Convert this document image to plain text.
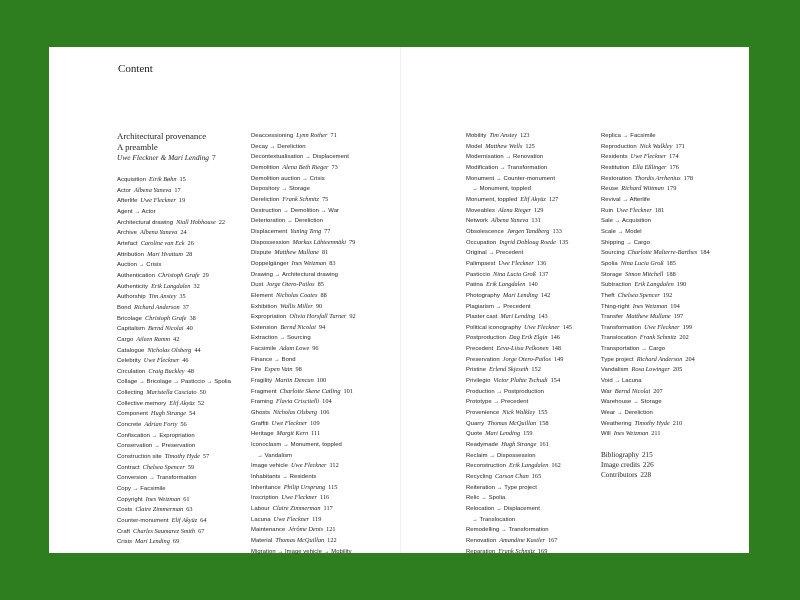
Content
Architectural provenance
A preamble
Uwe Fleckner & Mari Lending 7
Acquisition Eirik Bøhn 15
Actor Albena Yaneva 17
Afterlife Uwe Fleckner 19
Agent → Actor
Architectural drawing Niall Hobhouse 22
Archive Albena Yaneva 24
Artefact Caroline van Eck 26
Attribution Mari Hvattum 28
Auction → Crisis
Authentication Christoph Grafe 29
Authenticity Erik Langdalen 32
Authorship Tim Anstey 35
Bond Richard Anderson 37
Bricolage Christoph Grafe 38
Capitalism Bernd Nicolai 40
Cargo Aileen Ramm 42
Catalogue Nicholas Olsberg 44
Celebrity Uwe Fleckner 46
Circulation Craig Buckley 48
Collage → Bricolage → Pasticcio → Spolia
Collecting Maristella Casciato 50
Collective memory Elif Akyüz 52
Component Hugh Strange 54
Concrete Adrian Forty 56
Confiscation → Expropriation
Conservation → Preservation
Construction site Timothy Hyde 57
Contract Chelsea Spencer 59
Conversion → Transformation
Copy → Facsimile
Copyright Ines Weizman 61
Costs Claire Zimmerman 63
Counter-monument Elif Akyüz 64
Craft Charles Saumarez Smith 67
Crisis Mari Lending 69
Deaccessioning Lynn Rother 71
Decay → Dereliction
Decontextualisation → Displacement
Demolition Alena Beth Rieger 73
Demolition auction → Crisis
Depository → Storage
Dereliction Frank Schmitz 75
Destruction → Demolition → War
Deterioration → Dereliction
Displacement Yuning Teng 77
Dispossession Markus Lähteenmäki 79
Dispute Matthew Mullane 81
Doppelgänger Ines Weizman 83
Drawing → Architectural drawing
Dust Jorge Otero-Pailos 85
Element Nicholas Coates 88
Exhibition Wallis Miller 90
Expropriation Olivia Horsfall Turner 92
Extension Bernd Nicolai 94
Extraction → Sourcing
Facsimile Adam Lowe 96
Finance → Bond
Fire Espen Vatn 98
Fragility Martin Dencun 100
Fragment Charlotte Skene Catling 101
Framing Flavia Criscitelli 104
Ghosts Nicholas Olsberg 106
Graffiti Uwe Fleckner 109
Heritage Margit Kern 111
Iconoclasm → Monument, toppled
→ Vandalism
Image vehicle Uwe Fleckner 112
Inhabitants → Residents
Inheritance Philip Ursprung 115
Inscription Uwe Fleckner 116
Labour Claire Zimmerman 117
Lacuna Uwe Fleckner 119
Maintenance Jérôme Denis 121
Material Thomas McQuillan 122
Migration → Image vehicle → Mobility
Mobility Tim Anstey 123
Model Matthew Wells 125
Modernisation → Renovation
Modification → Transformation
Monument → Counter-monument
→ Monument, toppled
Monument, toppled Elif Akyüz 127
Moveables Alena Rieger 129
Network Albena Yaneva 131
Obsolescence Jørgen Tandberg 133
Occupation Ingrid Dobloug Roede 135
Original → Precedent
Palimpsest Uwe Fleckner 136
Pasticcio Nina Lucia Groß 137
Patina Erik Langdalen 140
Photography Mari Lending 142
Plagiarism → Precedent
Plaster cast Mari Lending 143
Political iconography Uwe Fleckner 145
Postproduction Dag Erik Elgin 146
Precedent Eeva-Liisa Pelkonen 148
Preservation Jorge Otero-Pailos 149
Pristine Erlend Skjeseth 152
Privilegio Victor Plahte Tschudi 154
Production → Postproduction
Prototype → Precedent
Provenience Nick Walkley 155
Quarry Thomas McQuillan 158
Quote Mari Lending 159
Readymade Hugh Strange 161
Reclaim → Dispossession
Reconstruction Erik Langdalen 162
Recycling Carson Chan 165
Reiteration → Type project
Relic → Spolia
Relocation → Displacement
→ Translocation
Remodelling → Transformation
Renovation Amandine Kastler 167
Reparation Frank Schmitz 169
Replica → Facsimile
Reproduction Nick Walkley 171
Residents Uwe Fleckner 174
Restitution Ella Eßlinger 176
Restoration Thordis Arrhenius 178
Reuse Richard Wittman 179
Revival → Afterlife
Ruin Uwe Fleckner 181
Sale → Acquisition
Scale → Model
Shipping → Cargo
Sourcing Charlotte Malterre-Barthes 184
Spolia Nina Lucia Groß 185
Storage Simon Mitchell 188
Subtraction Erik Langdalen 190
Theft Chelsea Spencer 192
Thing-right Ines Weizman 194
Transfer Matthew Mullane 197
Transformation Uwe Fleckner 199
Translocation Frank Schmitz 202
Transportation → Cargo
Type project Richard Anderson 204
Vandalism Rosa Lowinger 205
Void → Lacuna
War Bernd Nicolai 207
Warehouse → Storage
Wear → Dereliction
Weathering Timothy Hyde 210
Will Ines Weizman 211
Bibliography 215
Image credits 226
Contributors 228
